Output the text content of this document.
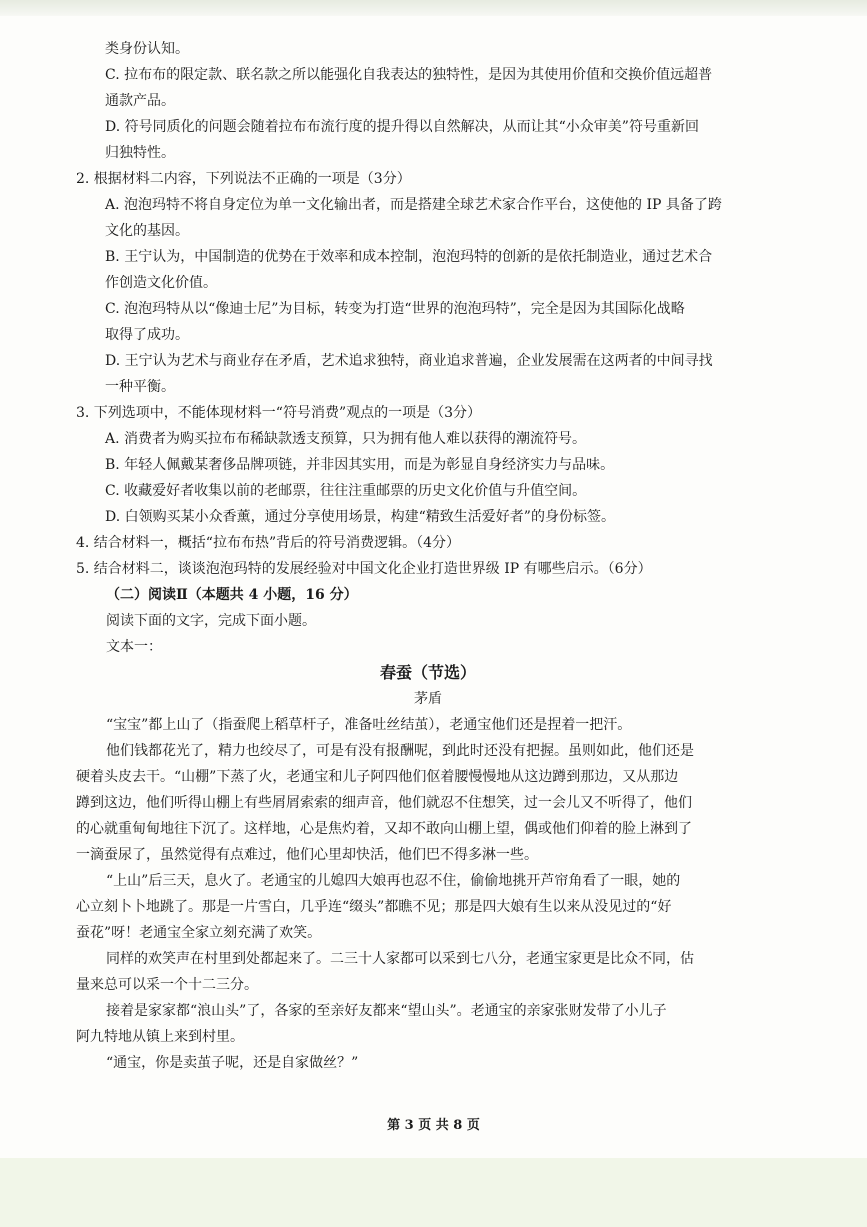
类身份认知。
C. 拉布布的限定款、联名款之所以能强化自我表达的独特性，是因为其使用价值和交换价值远超普
通款产品。
D. 符号同质化的问题会随着拉布布流行度的提升得以自然解决，从而让其“小众审美”符号重新回
归独特性。
2. 根据材料二内容，下列说法不正确的一项是（3分）
A. 泡泡玛特不将自身定位为单一文化输出者，而是搭建全球艺术家合作平台，这使他的 IP 具备了跨
文化的基因。
B. 王宁认为，中国制造的优势在于效率和成本控制，泡泡玛特的创新的是依托制造业，通过艺术合
作创造文化价值。
C. 泡泡玛特从以“像迪士尼”为目标，转变为打造“世界的泡泡玛特”，完全是因为其国际化战略
取得了成功。
D. 王宁认为艺术与商业存在矛盾，艺术追求独特，商业追求普遍，企业发展需在这两者的中间寻找
一种平衡。
3. 下列选项中，不能体现材料一“符号消费”观点的一项是（3分）
A. 消费者为购买拉布布稀缺款透支预算，只为拥有他人难以获得的潮流符号。
B. 年轻人佩戴某奢侈品牌项链，并非因其实用，而是为彰显自身经济实力与品味。
C. 收藏爱好者收集以前的老邮票，往往注重邮票的历史文化价值与升值空间。
D. 白领购买某小众香薰，通过分享使用场景，构建“精致生活爱好者”的身份标签。
4. 结合材料一，概括“拉布布热”背后的符号消费逻辑。（4分）
5. 结合材料二，谈谈泡泡玛特的发展经验对中国文化企业打造世界级 IP 有哪些启示。（6分）
（二）阅读Ⅱ（本题共 4 小题，16 分）
阅读下面的文字，完成下面小题。
文本一：
春蚕（节选）
茅盾
“宝宝”都上山了（指蚕爬上稻草杆子，准备吐丝结茧），老通宝他们还是捏着一把汗。
他们钱都花光了，精力也绞尽了，可是有没有报酬呢，到此时还没有把握。虽则如此，他们还是
硬着头皮去干。“山棚”下蒸了火，老通宝和儿子阿四他们伛着腰慢慢地从这边蹲到那边，又从那边
蹲到这边，他们听得山棚上有些屑屑索索的细声音，他们就忍不住想笑，过一会儿又不听得了，他们
的心就重甸甸地往下沉了。这样地，心是焦灼着，又却不敢向山棚上望，偶或他们仰着的脸上淋到了
一滴蚕尿了，虽然觉得有点难过，他们心里却快活，他们巴不得多淋一些。
“上山”后三天，息火了。老通宝的儿媳四大娘再也忍不住，偷偷地挑开芦帘角看了一眼，她的
心立刻卜卜地跳了。那是一片雪白，几乎连“缀头”都瞧不见；那是四大娘有生以来从没见过的“好
蚕花”呀！老通宝全家立刻充满了欢笑。
同样的欢笑声在村里到处都起来了。二三十人家都可以采到七八分，老通宝家更是比众不同，估
量来总可以采一个十二三分。
接着是家家都“浪山头”了，各家的至亲好友都来“望山头”。老通宝的亲家张财发带了小儿子
阿九特地从镇上来到村里。
“通宝，你是卖茧子呢，还是自家做丝？”
第 3 页 共 8 页
